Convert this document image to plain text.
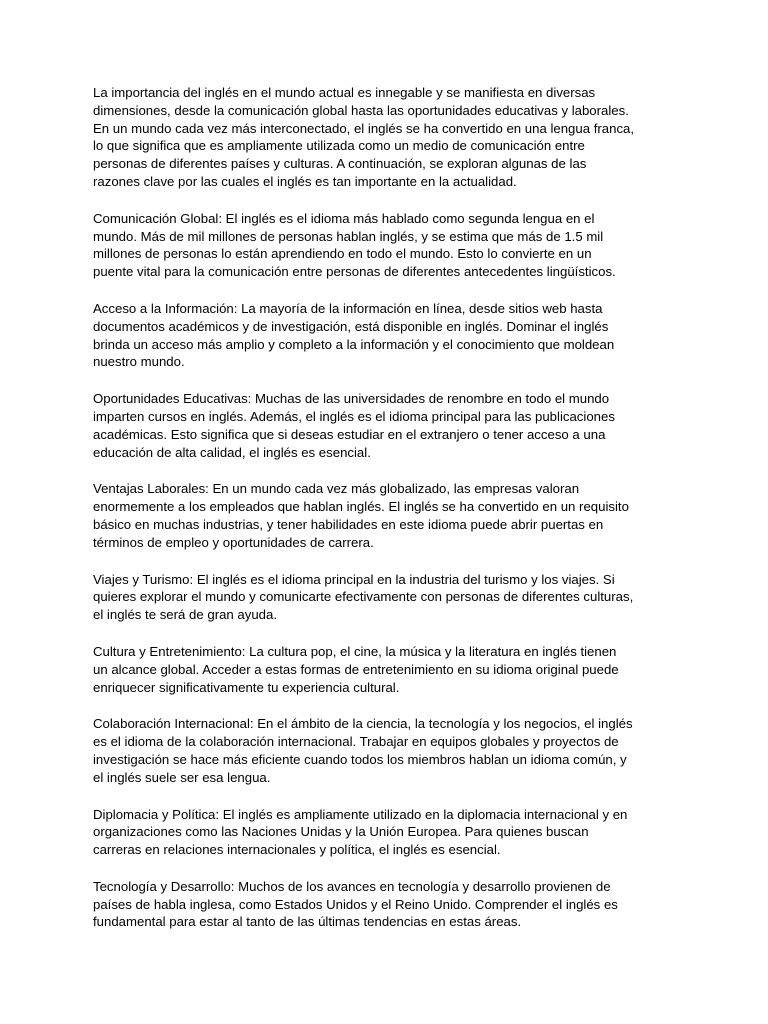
La importancia del inglés en el mundo actual es innegable y se manifiesta en diversas
dimensiones, desde la comunicación global hasta las oportunidades educativas y laborales.
En un mundo cada vez más interconectado, el inglés se ha convertido en una lengua franca,
lo que significa que es ampliamente utilizada como un medio de comunicación entre
personas de diferentes países y culturas. A continuación, se exploran algunas de las
razones clave por las cuales el inglés es tan importante en la actualidad.

Comunicación Global: El inglés es el idioma más hablado como segunda lengua en el
mundo. Más de mil millones de personas hablan inglés, y se estima que más de 1.5 mil
millones de personas lo están aprendiendo en todo el mundo. Esto lo convierte en un
puente vital para la comunicación entre personas de diferentes antecedentes lingüísticos.

Acceso a la Información: La mayoría de la información en línea, desde sitios web hasta
documentos académicos y de investigación, está disponible en inglés. Dominar el inglés
brinda un acceso más amplio y completo a la información y el conocimiento que moldean
nuestro mundo.

Oportunidades Educativas: Muchas de las universidades de renombre en todo el mundo
imparten cursos en inglés. Además, el inglés es el idioma principal para las publicaciones
académicas. Esto significa que si deseas estudiar en el extranjero o tener acceso a una
educación de alta calidad, el inglés es esencial.

Ventajas Laborales: En un mundo cada vez más globalizado, las empresas valoran
enormemente a los empleados que hablan inglés. El inglés se ha convertido en un requisito
básico en muchas industrias, y tener habilidades en este idioma puede abrir puertas en
términos de empleo y oportunidades de carrera.

Viajes y Turismo: El inglés es el idioma principal en la industria del turismo y los viajes. Si
quieres explorar el mundo y comunicarte efectivamente con personas de diferentes culturas,
el inglés te será de gran ayuda.

Cultura y Entretenimiento: La cultura pop, el cine, la música y la literatura en inglés tienen
un alcance global. Acceder a estas formas de entretenimiento en su idioma original puede
enriquecer significativamente tu experiencia cultural.

Colaboración Internacional: En el ámbito de la ciencia, la tecnología y los negocios, el inglés
es el idioma de la colaboración internacional. Trabajar en equipos globales y proyectos de
investigación se hace más eficiente cuando todos los miembros hablan un idioma común, y
el inglés suele ser esa lengua.

Diplomacia y Política: El inglés es ampliamente utilizado en la diplomacia internacional y en
organizaciones como las Naciones Unidas y la Unión Europea. Para quienes buscan
carreras en relaciones internacionales y política, el inglés es esencial.

Tecnología y Desarrollo: Muchos de los avances en tecnología y desarrollo provienen de
países de habla inglesa, como Estados Unidos y el Reino Unido. Comprender el inglés es
fundamental para estar al tanto de las últimas tendencias en estas áreas.
